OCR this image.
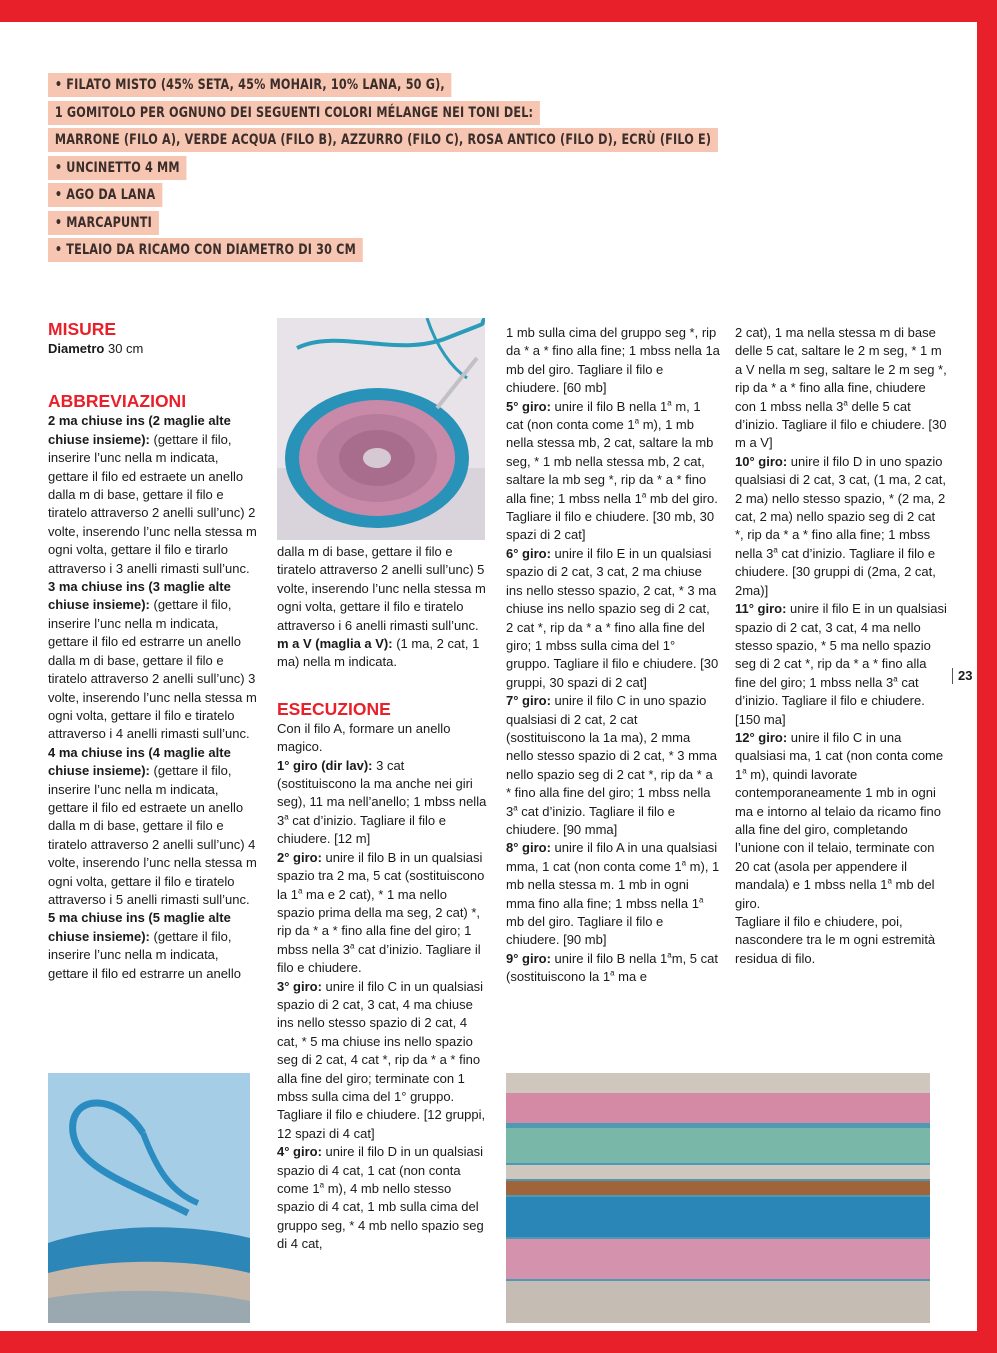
• FILATO MISTO (45% SETA, 45% MOHAIR, 10% LANA, 50 G),
1 GOMITOLO PER OGNUNO DEI SEGUENTI COLORI MÉLANGE NEI TONI DEL:
MARRONE (FILO A), VERDE ACQUA (FILO B), AZZURRO (FILO C), ROSA ANTICO (FILO D), ECRÙ (FILO E)
• UNCINETTO 4 MM
• AGO DA LANA
• MARCAPUNTI
• TELAIO DA RICAMO CON DIAMETRO DI 30 CM
MISURE
Diametro 30 cm
ABBREVIAZIONI
2 ma chiuse ins (2 maglie alte chiuse insieme): (gettare il filo, inserire l’unc nella m indicata, gettare il filo ed estraete un anello dalla m di base, gettare il filo e tiratelo attraverso 2 anelli sull’unc) 2 volte, inserendo l’unc nella stessa m ogni volta, gettare il filo e tirarlo attraverso i 3 anelli rimasti sull’unc.
3 ma chiuse ins (3 maglie alte chiuse insieme): (gettare il filo, inserire l’unc nella m indicata, gettare il filo ed estrarre un anello dalla m di base, gettare il filo e tiratelo attraverso 2 anelli sull’unc) 3 volte, inserendo l’unc nella stessa m ogni volta, gettare il filo e tiratelo attraverso i 4 anelli rimasti sull’unc.
4 ma chiuse ins (4 maglie alte chiuse insieme): (gettare il filo, inserire l’unc nella m indicata, gettare il filo ed estraete un anello dalla m di base, gettare il filo e tiratelo attraverso 2 anelli sull’unc) 4 volte, inserendo l’unc nella stessa m ogni volta, gettare il filo e tiratelo attraverso i 5 anelli rimasti sull’unc.
5 ma chiuse ins (5 maglie alte chiuse insieme): (gettare il filo, inserire l’unc nella m indicata, gettare il filo ed estrarre un anello
dalla m di base, gettare il filo e tiratelo attraverso 2 anelli sull’unc) 5 volte, inserendo l’unc nella stessa m ogni volta, gettare il filo e tiratelo attraverso i 6 anelli rimasti sull’unc.
m a V (maglia a V): (1 ma, 2 cat, 1 ma) nella m indicata.
ESECUZIONE
Con il filo A, formare un anello magico.
1° giro (dir lav): 3 cat (sostituiscono la ma anche nei giri seg), 11 ma nell’anello; 1 mbss nella 3$^a$ cat d’inizio. Tagliare il filo e chiudere. [12 m]
2° giro: unire il filo B in un qualsiasi spazio tra 2 ma, 5 cat (sostituiscono la 1$^a$ ma e 2 cat), * 1 ma nello spazio prima della ma seg, 2 cat) *, rip da * a * fino alla fine del giro; 1 mbss nella 3$^a$ cat d’inizio. Tagliare il filo e chiudere.
3° giro: unire il filo C in un qualsiasi spazio di 2 cat, 3 cat, 4 ma chiuse ins nello stesso spazio di 2 cat, 4 cat, * 5 ma chiuse ins nello spazio seg di 2 cat, 4 cat *, rip da * a * fino alla fine del giro; terminate con 1 mbss sulla cima del 1° gruppo. Tagliare il filo e chiudere. [12 gruppi, 12 spazi di 4 cat]
4° giro: unire il filo D in un qualsiasi spazio di 4 cat, 1 cat (non conta come 1$^a$ m), 4 mb nello stesso spazio di 4 cat, 1 mb sulla cima del gruppo seg, * 4 mb nello spazio seg di 4 cat,
1 mb sulla cima del gruppo seg *, rip da * a * fino alla fine; 1 mbss nella 1a mb del giro. Tagliare il filo e chiudere. [60 mb]
5° giro: unire il filo B nella 1$^a$ m, 1 cat (non conta come 1$^a$ m), 1 mb nella stessa mb, 2 cat, saltare la mb seg, * 1 mb nella stessa mb, 2 cat, saltare la mb seg *, rip da * a * fino alla fine; 1 mbss nella 1$^a$ mb del giro. Tagliare il filo e chiudere. [30 mb, 30 spazi di 2 cat]
6° giro: unire il filo E in un qualsiasi spazio di 2 cat, 3 cat, 2 ma chiuse ins nello stesso spazio, 2 cat, * 3 ma chiuse ins nello spazio seg di 2 cat, 2 cat *, rip da * a * fino alla fine del giro; 1 mbss sulla cima del 1° gruppo. Tagliare il filo e chiudere. [30 gruppi, 30 spazi di 2 cat]
7° giro: unire il filo C in uno spazio qualsiasi di 2 cat, 2 cat (sostituiscono la 1a ma), 2 mma nello stesso spazio di 2 cat, * 3 mma nello spazio seg di 2 cat *, rip da * a * fino alla fine del giro; 1 mbss nella 3$^a$ cat d’inizio. Tagliare il filo e chiudere. [90 mma]
8° giro: unire il filo A in una qualsiasi mma, 1 cat (non conta come 1$^a$ m), 1 mb nella stessa m. 1 mb in ogni mma fino alla fine; 1 mbss nella 1$^a$ mb del giro. Tagliare il filo e chiudere. [90 mb]
9° giro: unire il filo B nella 1$^a$m, 5 cat (sostituiscono la 1$^a$ ma e
2 cat), 1 ma nella stessa m di base delle 5 cat, saltare le 2 m seg, * 1 m a V nella m seg, saltare le 2 m seg *, rip da * a * fino alla fine, chiudere con 1 mbss nella 3$^a$ delle 5 cat d’inizio. Tagliare il filo e chiudere. [30 m a V]
10° giro: unire il filo D in uno spazio qualsiasi di 2 cat, 3 cat, (1 ma, 2 cat, 2 ma) nello stesso spazio, * (2 ma, 2 cat, 2 ma) nello spazio seg di 2 cat *, rip da * a * fino alla fine; 1 mbss nella 3$^a$ cat d’inizio. Tagliare il filo e chiudere. [30 gruppi di (2ma, 2 cat, 2ma)]
11° giro: unire il filo E in un qualsiasi spazio di 2 cat, 3 cat, 4 ma nello stesso spazio, * 5 ma nello spazio seg di 2 cat *, rip da * a * fino alla fine del giro; 1 mbss nella 3$^a$ cat d’inizio. Tagliare il filo e chiudere. [150 ma]
12° giro: unire il filo C in una qualsiasi ma, 1 cat (non conta come 1$^a$ m), quindi lavorate contemporaneamente 1 mb in ogni ma e intorno al telaio da ricamo fino alla fine del giro, completando l’unione con il telaio, terminate con 20 cat (asola per appendere il mandala) e 1 mbss nella 1$^a$ mb del giro.
Tagliare il filo e chiudere, poi, nascondere tra le m ogni estremità residua di filo.
23
